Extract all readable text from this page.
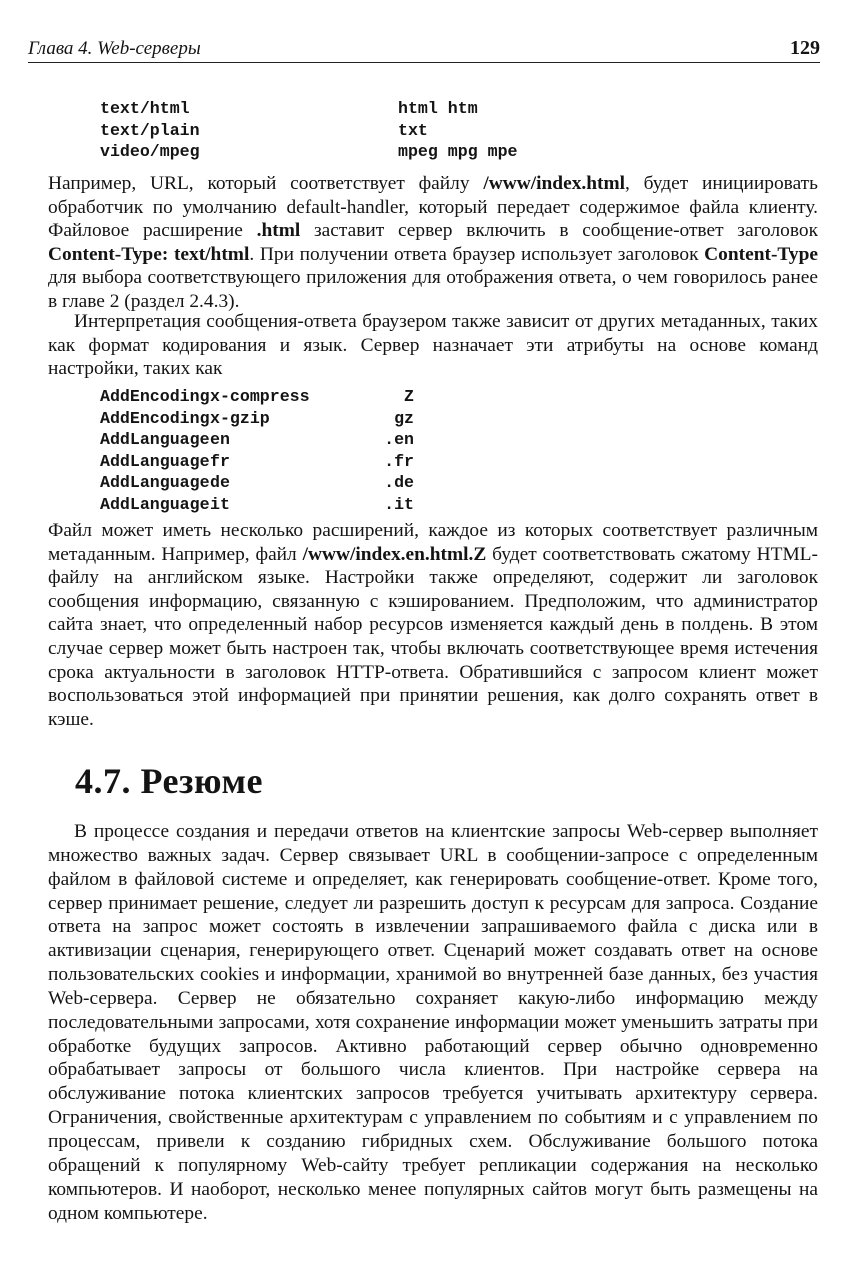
Глава 4. Web-серверы	129
text/html	html htm
text/plain	txt
video/mpeg	mpeg mpg mpe
Например, URL, который соответствует файлу /www/index.html, будет инициировать обработчик по умолчанию default-handler, который передает содержимое файла клиенту. Файловое расширение .html заставит сервер включить в сообщение-ответ заголовок Content-Type: text/html. При получении ответа браузер использует заголовок Content-Type для выбора соответствующего приложения для отображения ответа, о чем говорилось ранее в главе 2 (раздел 2.4.3).
Интерпретация сообщения-ответа браузером также зависит от других метаданных, таких как формат кодирования и язык. Сервер назначает эти атрибуты на основе команд настройки, таких как
AddEncoding x-compress	Z
AddEncoding x-gzip	gz
AddLanguage en	.en
AddLanguage fr	.fr
AddLanguage de	.de
AddLanguage it	.it
Файл может иметь несколько расширений, каждое из которых соответствует различным метаданным. Например, файл /www/index.en.html.Z будет соответствовать сжатому HTML-файлу на английском языке. Настройки также определяют, содержит ли заголовок сообщения информацию, связанную с кэшированием. Предположим, что администратор сайта знает, что определенный набор ресурсов изменяется каждый день в полдень. В этом случае сервер может быть настроен так, чтобы включать соответствующее время истечения срока актуальности в заголовок HTTP-ответа. Обратившийся с запросом клиент может воспользоваться этой информацией при принятии решения, как долго сохранять ответ в кэше.
4.7. Резюме
В процессе создания и передачи ответов на клиентские запросы Web-сервер выполняет множество важных задач. Сервер связывает URL в сообщении-запросе с определенным файлом в файловой системе и определяет, как генерировать сообщение-ответ. Кроме того, сервер принимает решение, следует ли разрешить доступ к ресурсам для запроса. Создание ответа на запрос может состоять в извлечении запрашиваемого файла с диска или в активизации сценария, генерирующего ответ. Сценарий может создавать ответ на основе пользовательских cookies и информации, хранимой во внутренней базе данных, без участия Web-сервера. Сервер не обязательно сохраняет какую-либо информацию между последовательными запросами, хотя сохранение информации может уменьшить затраты при обработке будущих запросов. Активно работающий сервер обычно одновременно обрабатывает запросы от большого числа клиентов. При настройке сервера на обслуживание потока клиентских запросов требуется учитывать архитектуру сервера. Ограничения, свойственные архитектурам с управлением по событиям и с управлением по процессам, привели к созданию гибридных схем. Обслуживание большого потока обращений к популярному Web-сайту требует репликации содержания на несколько компьютеров. И наоборот, несколько менее популярных сайтов могут быть размещены на одном компьютере.
